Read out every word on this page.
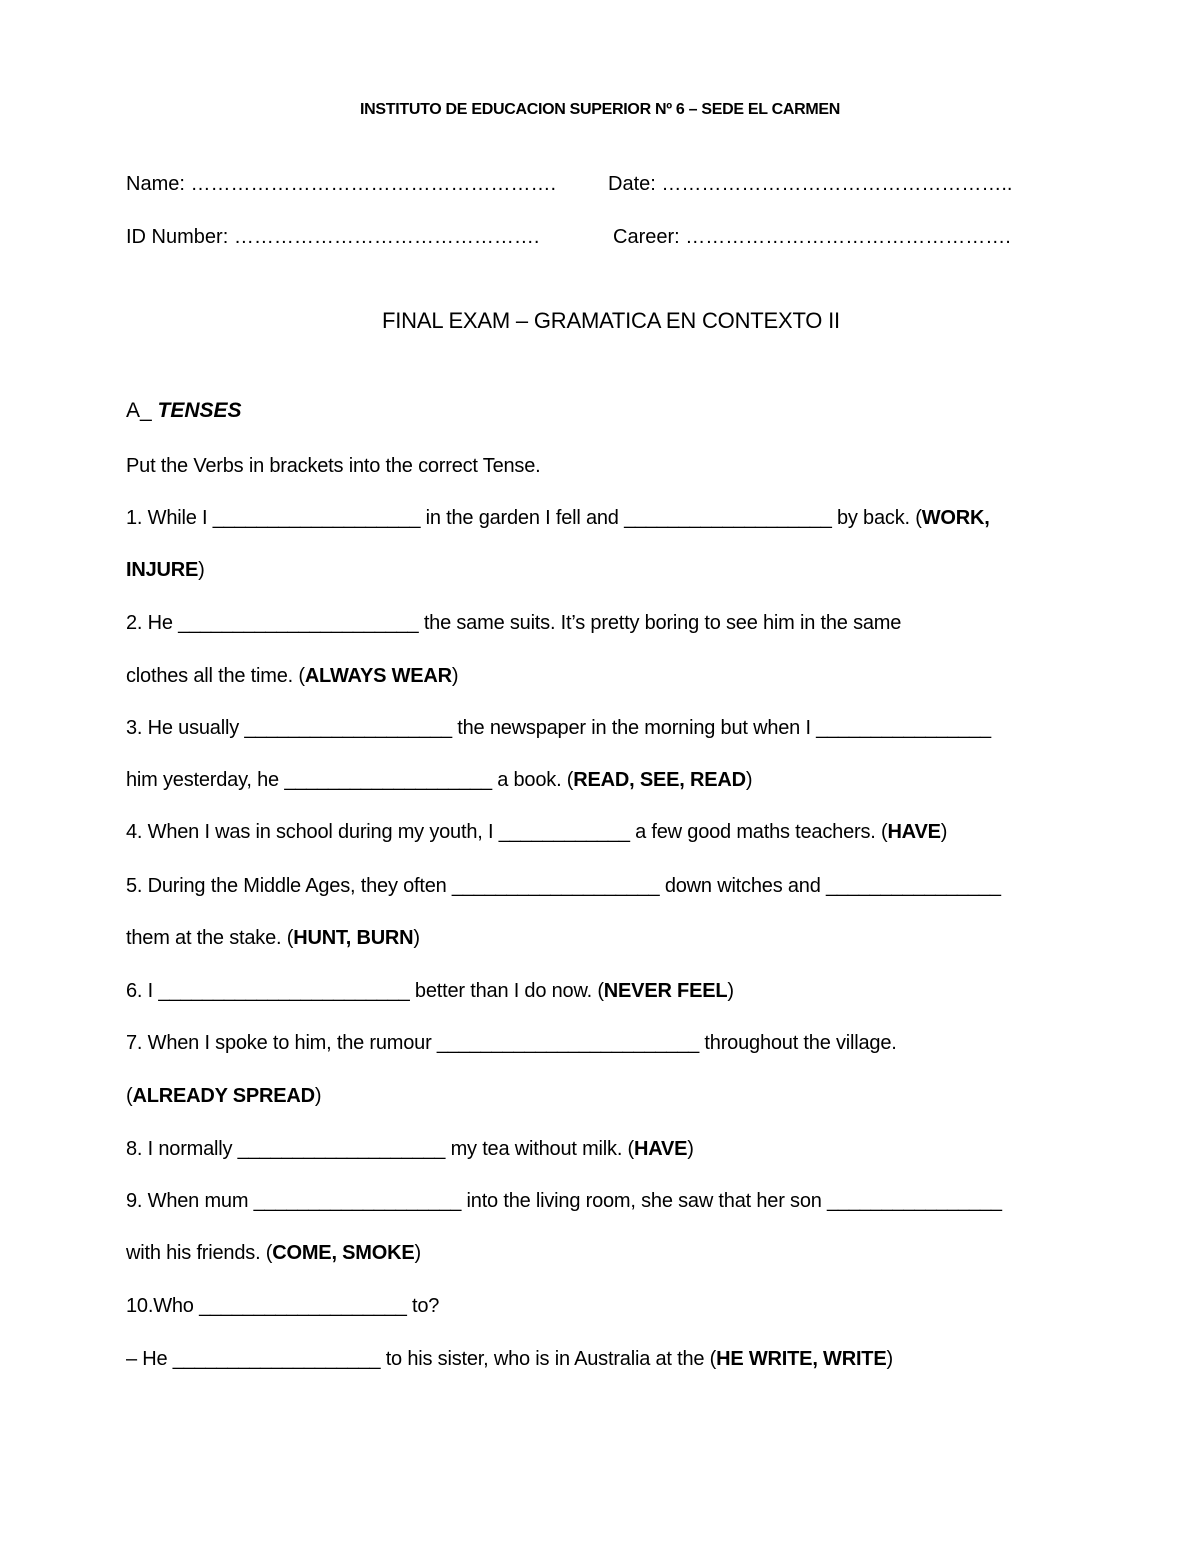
INSTITUTO DE EDUCACION SUPERIOR Nº 6 – SEDE EL CARMEN
Name: ……………………………………………….	Date: ……………………………………………..
ID Number: ……………………………………….	Career: ………………………………………….
FINAL EXAM – GRAMATICA EN CONTEXTO II
A_ TENSES
Put the Verbs in brackets into the correct Tense.
1. While I ___________________ in the garden I fell and ___________________ by back. (WORK,
INJURE)
2. He ______________________ the same suits. It’s pretty boring to see him in the same
clothes all the time. (ALWAYS WEAR)
3. He usually ___________________ the newspaper in the morning but when I ________________
him yesterday, he ___________________ a book. (READ, SEE, READ)
4. When I was in school during my youth, I ____________ a few good maths teachers. (HAVE)
5. During the Middle Ages, they often ___________________ down witches and ________________
them at the stake. (HUNT, BURN)
6. I _______________________ better than I do now. (NEVER FEEL)
7. When I spoke to him, the rumour ________________________ throughout the village.
(ALREADY SPREAD)
8. I normally ___________________ my tea without milk. (HAVE)
9. When mum ___________________ into the living room, she saw that her son ________________
with his friends. (COME, SMOKE)
10.Who ___________________ to?
– He ___________________ to his sister, who is in Australia at the (HE WRITE, WRITE)
